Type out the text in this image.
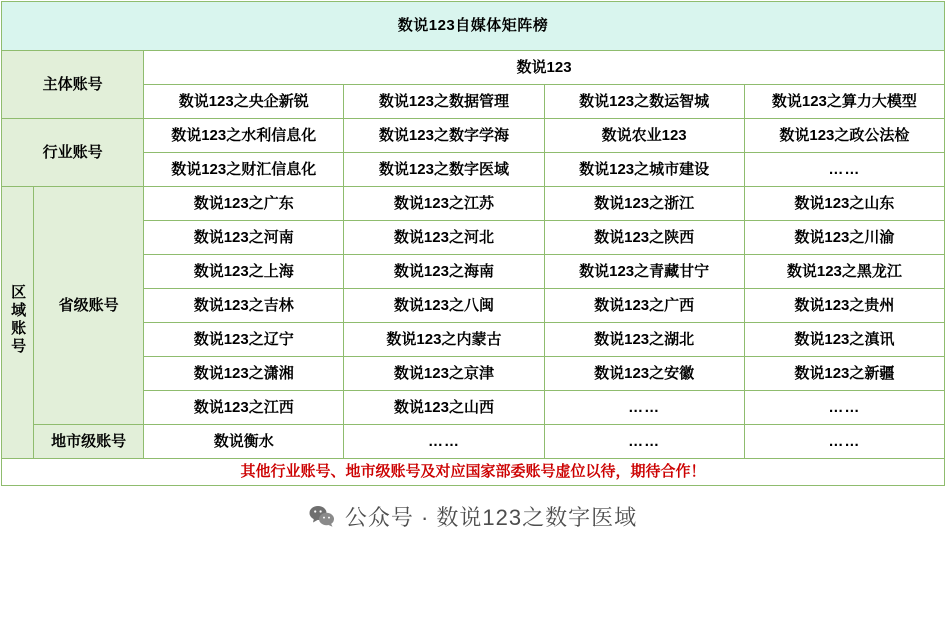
数说123自媒体矩阵榜					
主体账号		数说123			
		数说123之央企新锐	数说123之数据管理	数说123之数运智城	数说123之算力大模型
行业账号		数说123之水利信息化	数说123之数字学海	数说农业123	数说123之政公法检
		数说123之财汇信息化	数说123之数字医域	数说123之城市建设	……
区域账号	省级账号	数说123之广东	数说123之江苏	数说123之浙江	数说123之山东
		数说123之河南	数说123之河北	数说123之陕西	数说123之川渝
		数说123之上海	数说123之海南	数说123之青藏甘宁	数说123之黑龙江
		数说123之吉林	数说123之八闽	数说123之广西	数说123之贵州
		数说123之辽宁	数说123之内蒙古	数说123之湖北	数说123之滇讯
		数说123之潇湘	数说123之京津	数说123之安徽	数说123之新疆
		数说123之江西	数说123之山西	……	……
	地市级账号	数说衡水	……	……	……
其他行业账号、地市级账号及对应国家部委账号虚位以待，期待合作！					
公众号 · 数说123之数字医域
